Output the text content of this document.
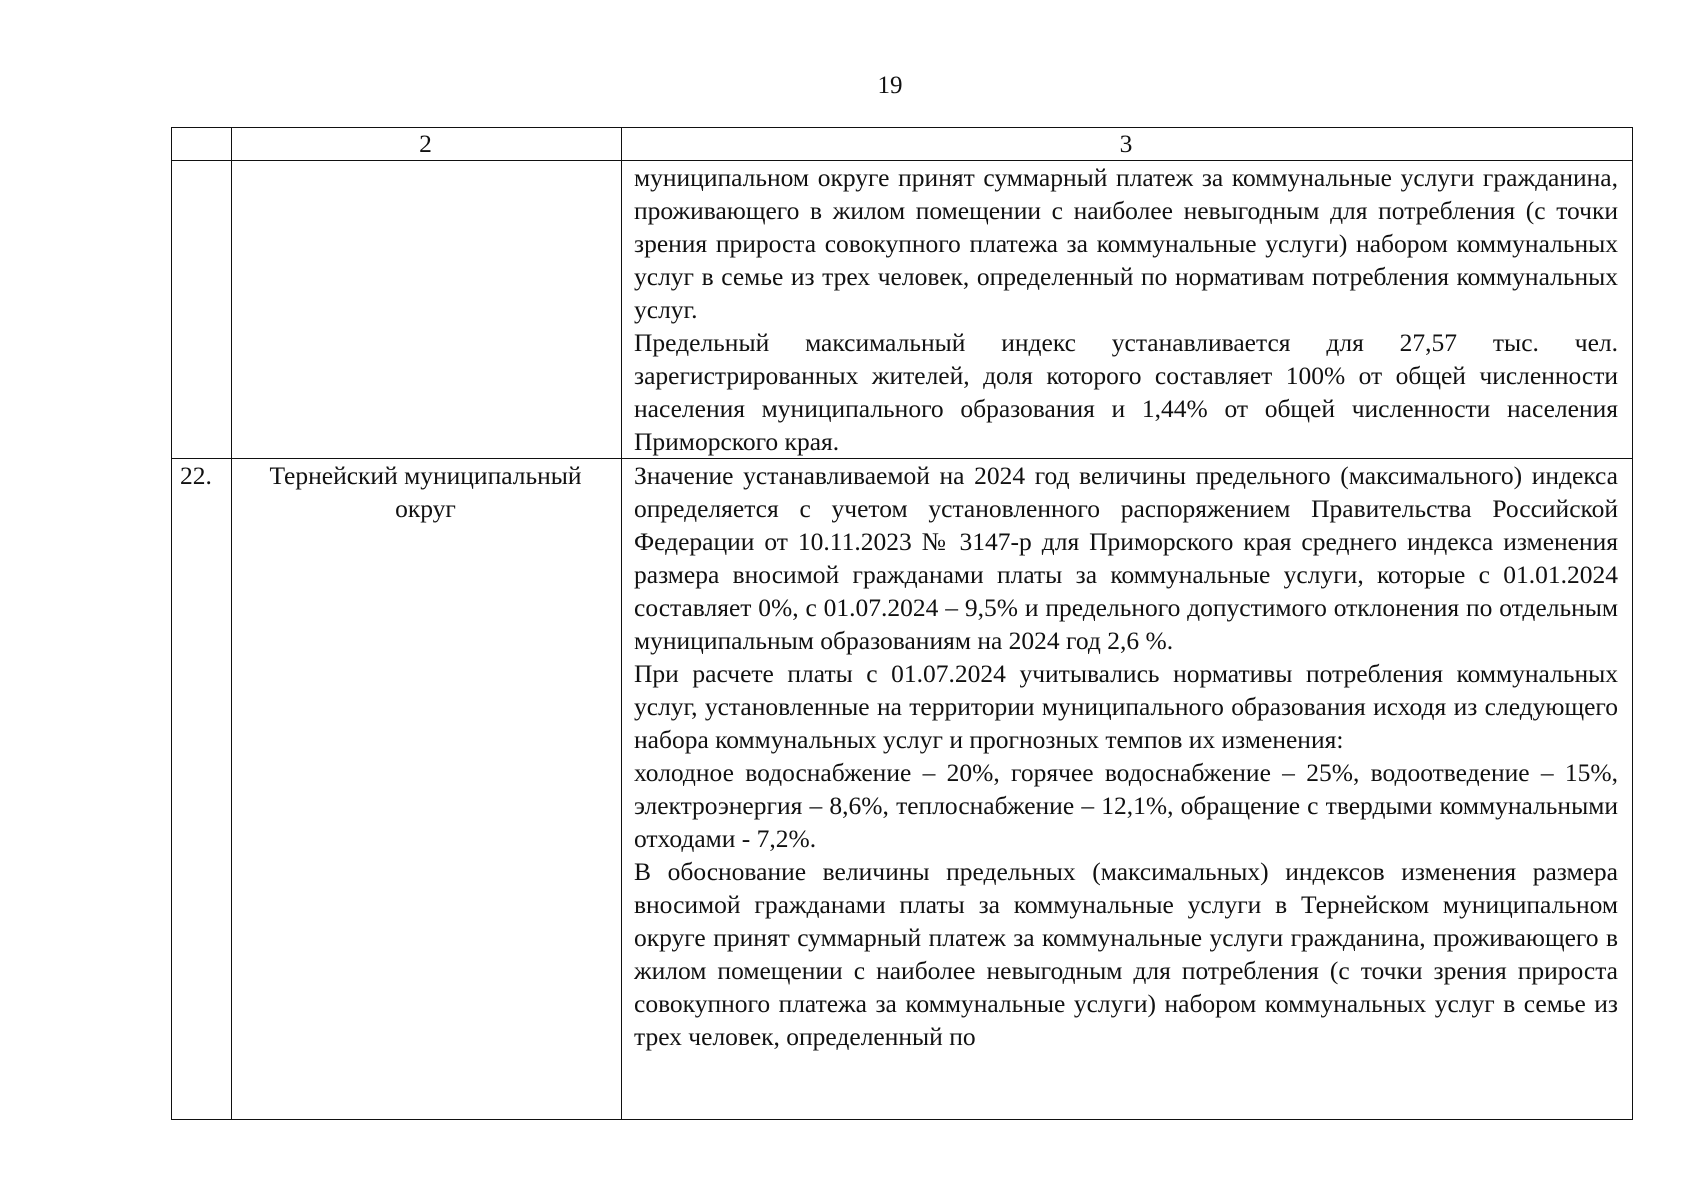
19
	2	3

		муниципальном округе принят суммарный платеж за коммунальные услуги гражданина, проживающего в жилом помещении с наиболее невыгодным для потребления (с точки зрения прироста совокупного платежа за коммунальные услуги) набором коммунальных услуг в семье из трех человек, определенный по нормативам потребления коммунальных услуг.

Предельный максимальный индекс устанавливается для 27,57 тыс. чел. зарегистрированных жителей, доля которого составляет 100% от общей численности населения муниципального образования и 1,44% от общей численности населения Приморского края.

22.	Тернейский муниципальный округ	Значение устанавливаемой на 2024 год величины предельного (максимального) индекса определяется с учетом установленного распоряжением Правительства Российской Федерации от 10.11.2023 № 3147-р для Приморского края среднего индекса изменения размера вносимой гражданами платы за коммунальные услуги, которые с 01.01.2024 составляет 0%, с 01.07.2024 – 9,5% и предельного допустимого отклонения по отдельным муниципальным образованиям на 2024 год 2,6 %.

При расчете платы с 01.07.2024 учитывались нормативы потребления коммунальных услуг, установленные на территории муниципального образования исходя из следующего набора коммунальных услуг и прогнозных темпов их изменения:

холодное водоснабжение – 20%, горячее водоснабжение – 25%, водоотведение – 15%, электроэнергия – 8,6%, теплоснабжение – 12,1%, обращение с твердыми коммунальными отходами - 7,2%.

В обоснование величины предельных (максимальных) индексов изменения размера вносимой гражданами платы за коммунальные услуги в Тернейском муниципальном округе принят суммарный платеж за коммунальные услуги гражданина, проживающего в жилом помещении с наиболее невыгодным для потребления (с точки зрения прироста совокупного платежа за коммунальные услуги) набором коммунальных услуг в семье из трех человек, определенный по
